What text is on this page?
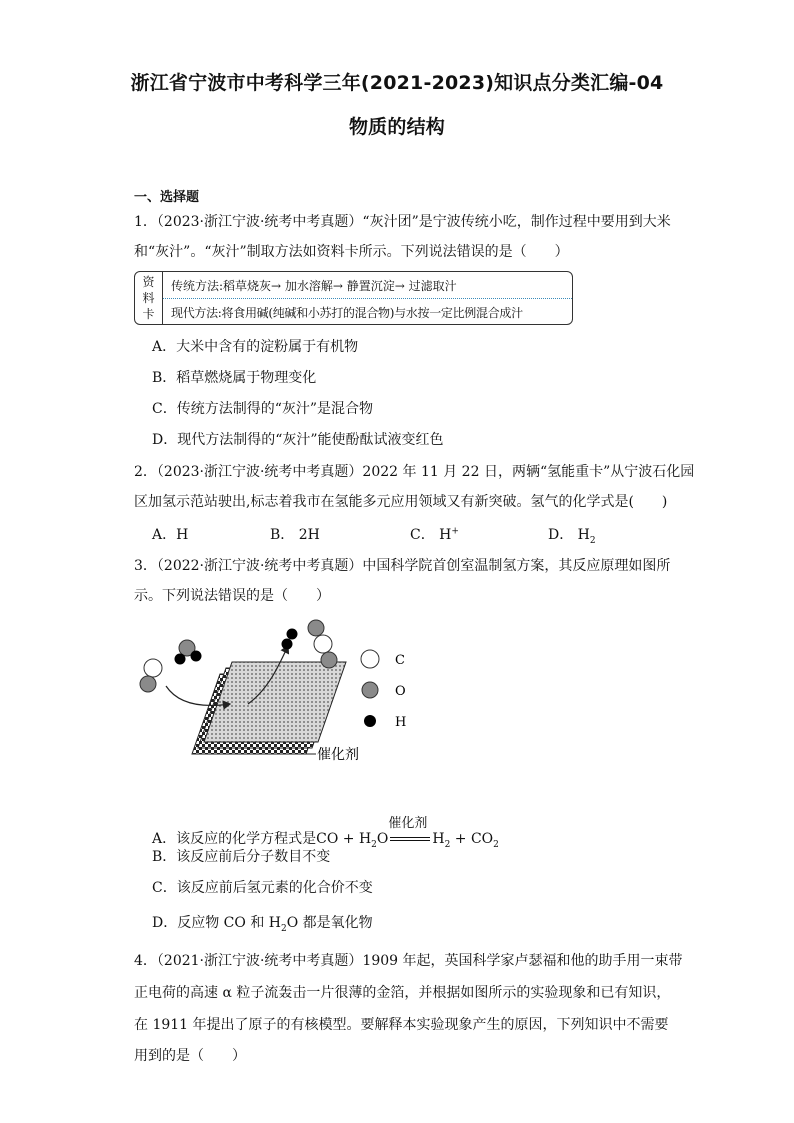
浙江省宁波市中考科学三年(2021-2023)知识点分类汇编-04
物质的结构
一、选择题
1．（2023·浙江宁波·统考中考真题）“灰汁团”是宁波传统小吃，制作过程中要用到大米
和“灰汁”。“灰汁”制取方法如资料卡所示。下列说法错误的是（　　）
资
料
卡
传统方法:稻草烧灰→ 加水溶解→ 静置沉淀→ 过滤取汁
现代方法:将食用碱(纯碱和小苏打的混合物)与水按一定比例混合成汁
A．大米中含有的淀粉属于有机物
B．稻草燃烧属于物理变化
C．传统方法制得的“灰汁”是混合物
D．现代方法制得的“灰汁”能使酚酞试液变红色
2．（2023·浙江宁波·统考中考真题）2022 年 11 月 22 日，两辆“氢能重卡”从宁波石化园
区加氢示范站驶出,标志着我市在氢能多元应用领域又有新突破。氢气的化学式是(　　)
A．H	B． 2H	C． H+	D． $H_2$
3．（2022·浙江宁波·统考中考真题）中国科学院首创室温制氢方案，其反应原理如图所
示。下列说法错误的是（　　）
C
O
H
催化剂
A．该反应的化学方程式是CO + $H_2O$
催化剂
$H_2 + CO_2$
B．该反应前后分子数目不变
C．该反应前后氢元素的化合价不变
D．反应物 CO 和 $H_2O$ 都是氧化物
4．（2021·浙江宁波·统考中考真题）1909 年起，英国科学家卢瑟福和他的助手用一束带
正电荷的高速 α 粒子流轰击一片很薄的金箔，并根据如图所示的实验现象和已有知识，
在 1911 年提出了原子的有核模型。要解释本实验现象产生的原因，下列知识中不需要
用到的是（　　）
